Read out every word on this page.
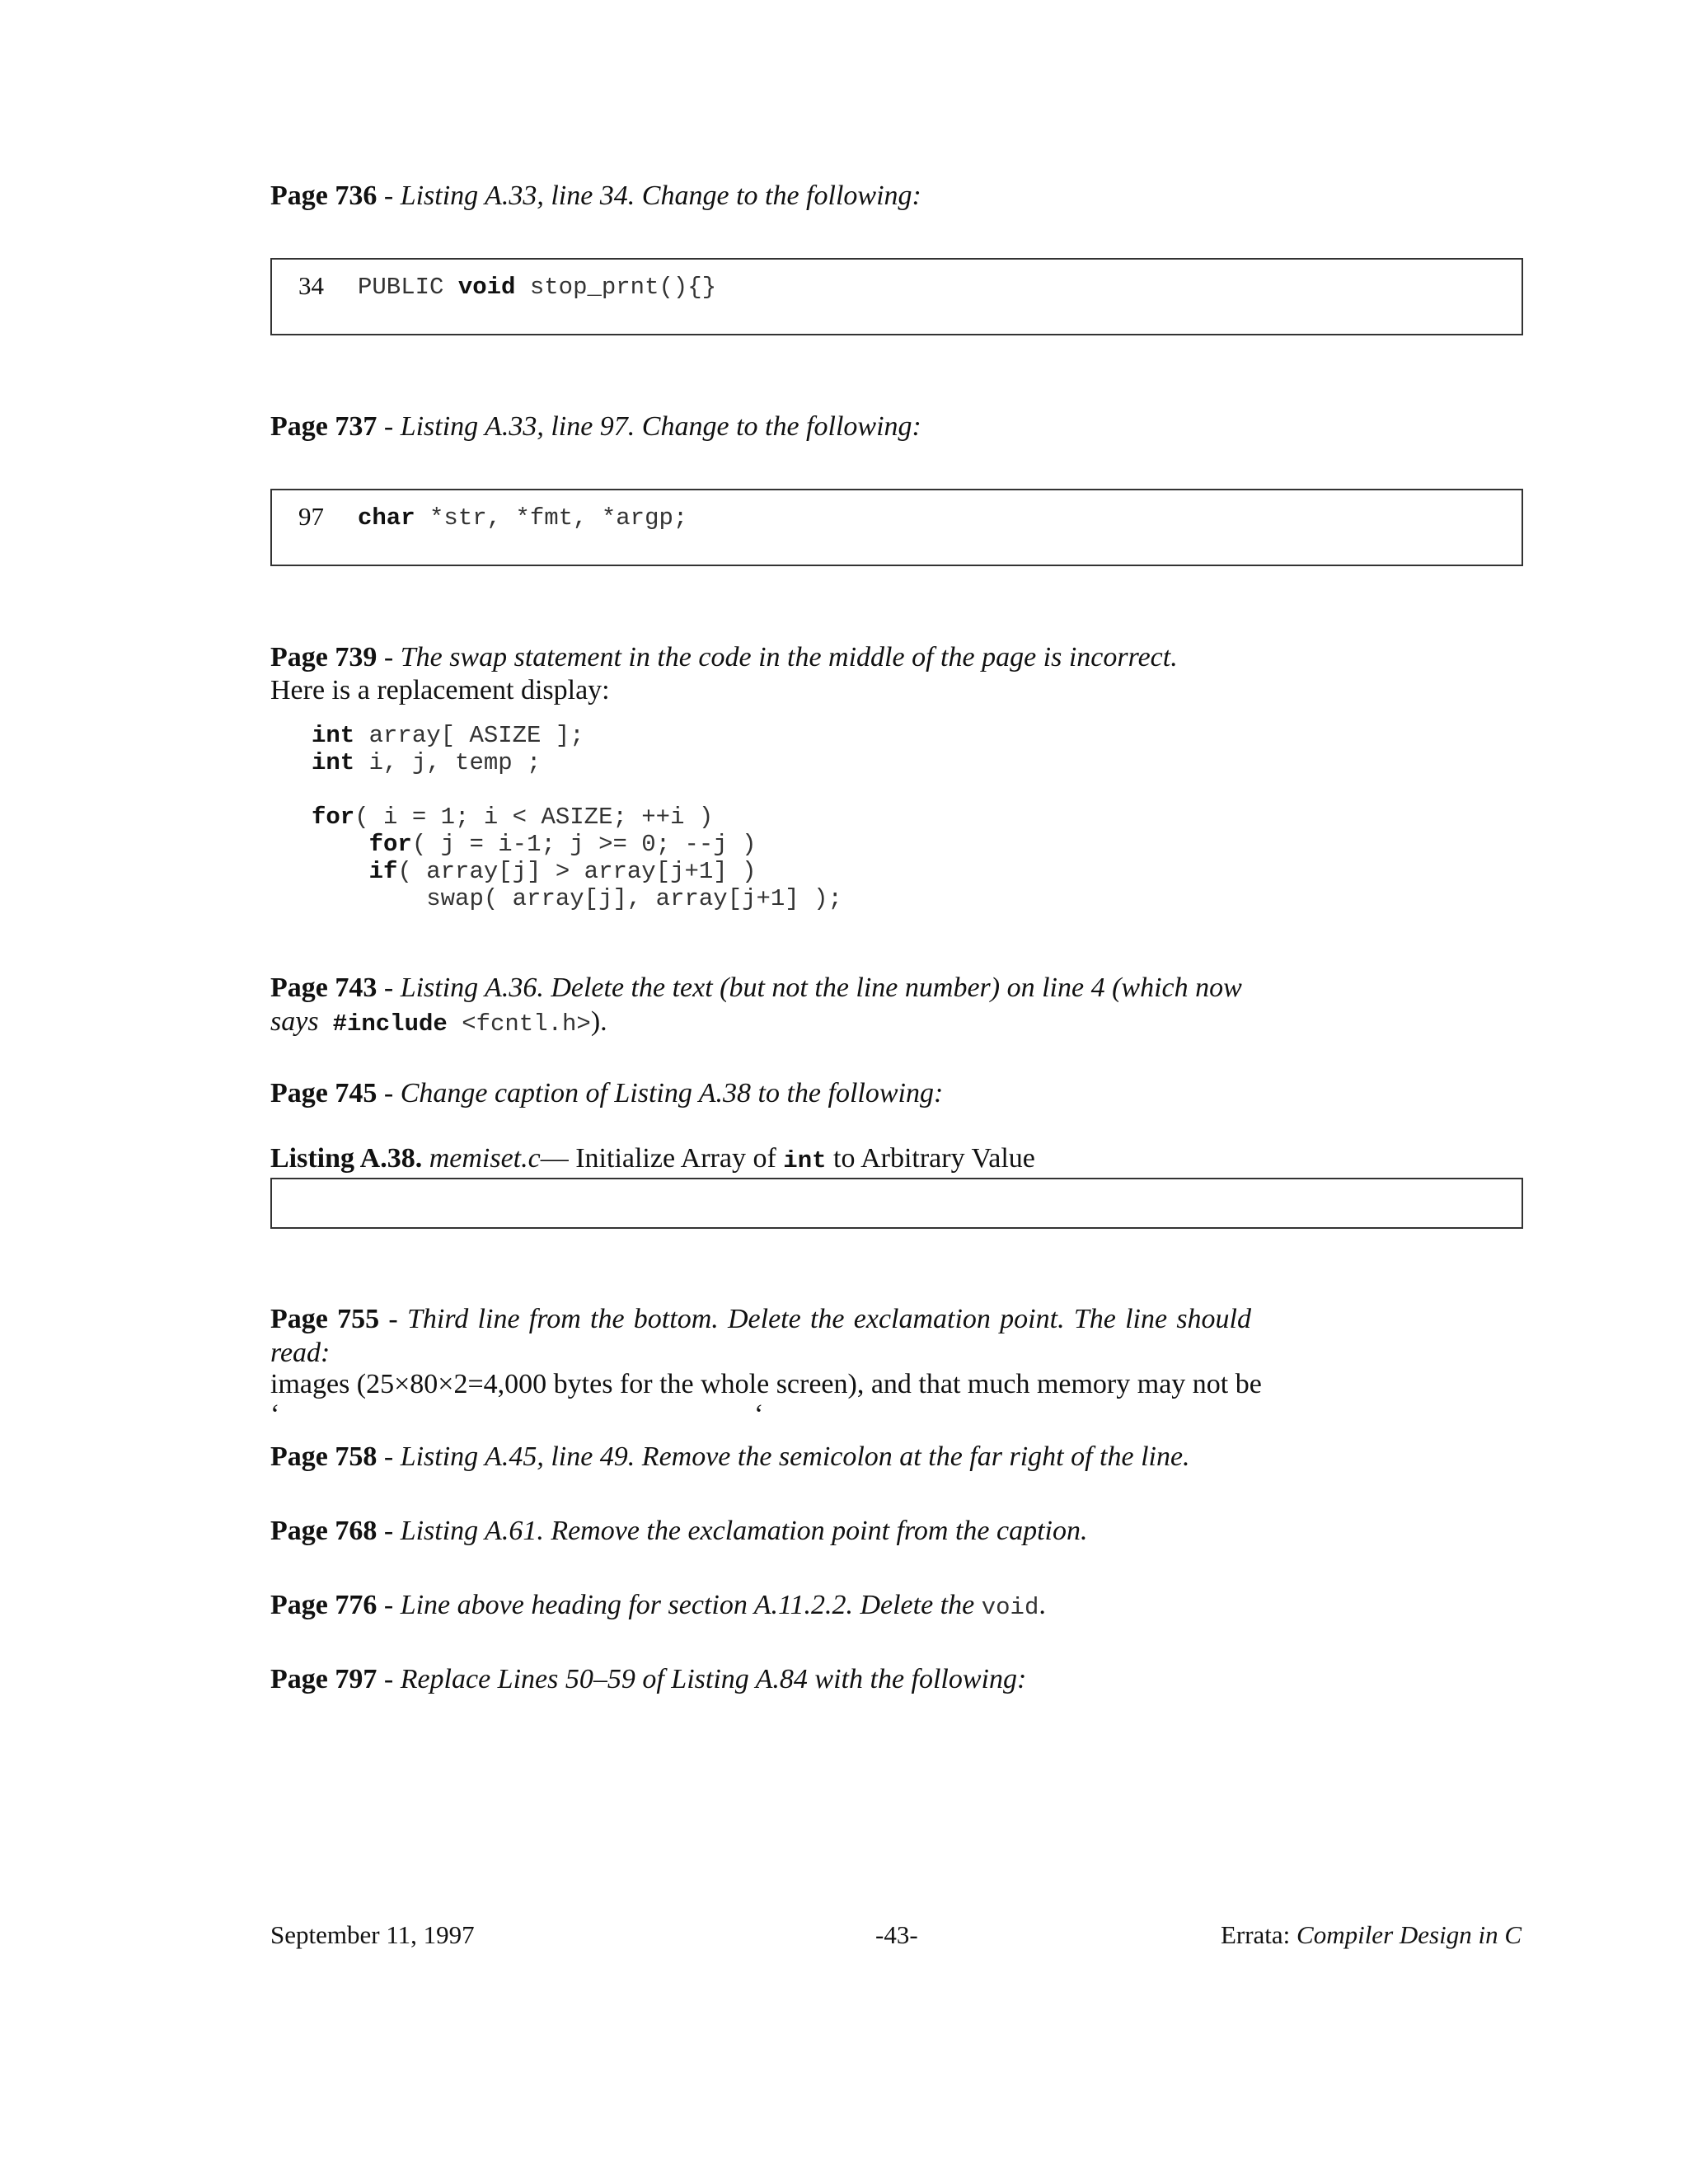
Page 736 - Listing A.33, line 34. Change to the following:
34 PUBLIC void stop_prnt(){}
Page 737 - Listing A.33, line 97. Change to the following:
97 char *str, *fmt, *argp;
Page 739 - The swap statement in the code in the middle of the page is incorrect.
Here is a replacement display:
int array[ ASIZE ];
int i, j, temp ;

for( i = 1; i < ASIZE; ++i )
for( j = i-1; j >= 0; --j )
if( array[j] > array[j+1] )
swap( array[j], array[j+1] );
Page 743 - Listing A.36. Delete the text (but not the line number) on line 4 (which now
says #include <fcntl.h>).
Page 745 - Change caption of Listing A.38 to the following:
Listing A.38. memiset.c— Initialize Array of int to Arbitrary Value
Page 755 - Third line from the bottom. Delete the exclamation point. The line should read:
images (25×80×2=4,000 bytes for the whole screen), and that much memory may not be
‘	‘
Page 758 - Listing A.45, line 49. Remove the semicolon at the far right of the line.
Page 768 - Listing A.61. Remove the exclamation point from the caption.
Page 776 - Line above heading for section A.11.2.2. Delete the void.
Page 797 - Replace Lines 50–59 of Listing A.84 with the following:
September 11, 1997	-43-	Errata: Compiler Design in C
